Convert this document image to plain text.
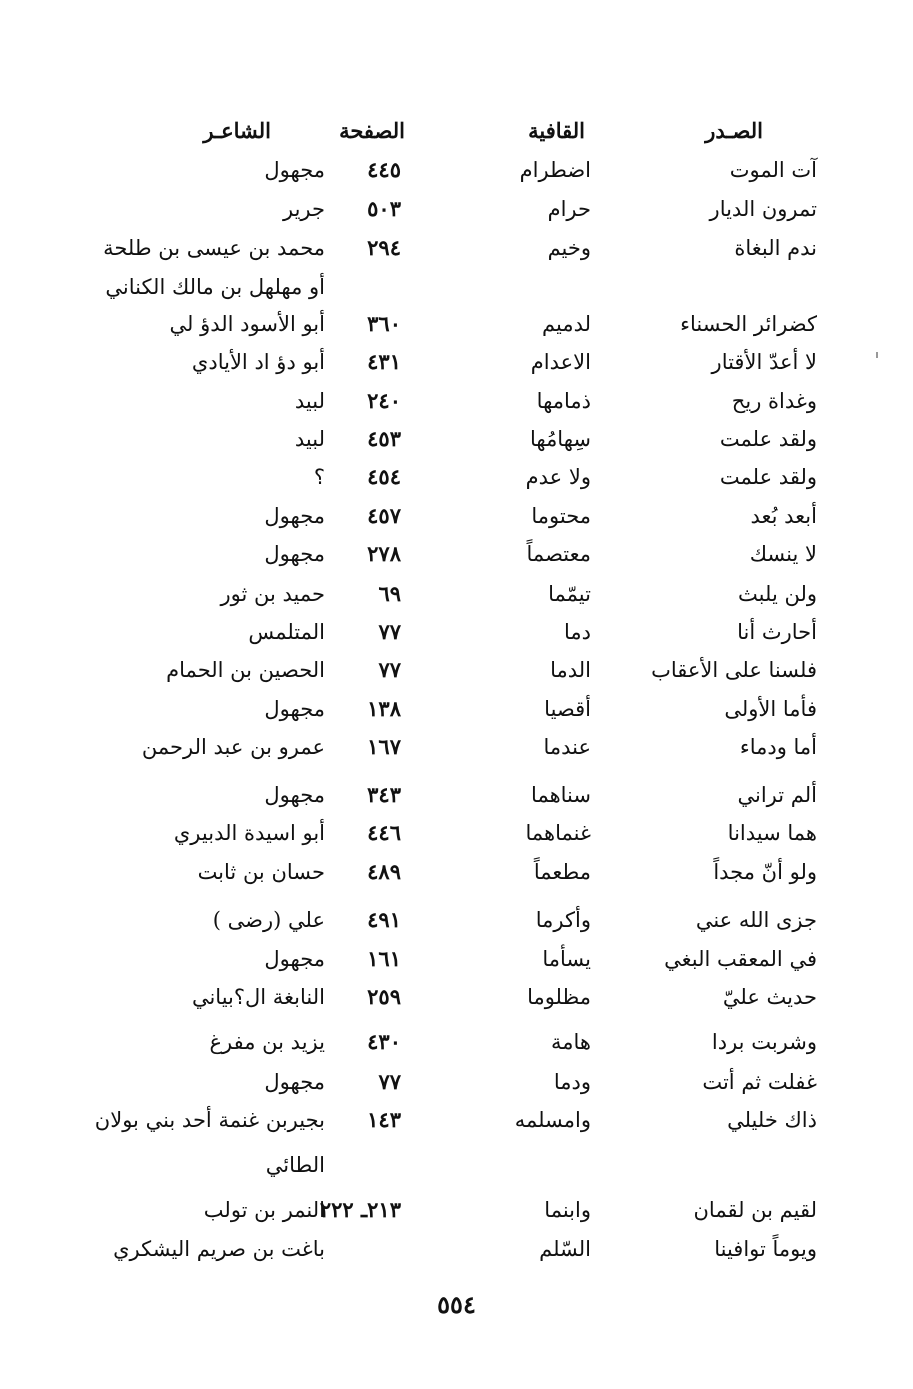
الصـدر
القافية
الصفحة
الشاعـر
آت الموت
اضطرام
٤٤٥
مجهول
تمرون الديار
حرام
٥٠٣
جرير
ندم البغاة
وخيم
٢٩٤
محمد بن عيسى بن طلحة
أو مهلهل بن مالك الكناني
كضرائر الحسناء
لدميم
٣٦٠
أبو الأسود الدؤ لي
لا أعدّ الأقتار
الاعدام
٤٣١
أبو دؤ اد الأيادي
وغداة ريح
ذمامها
٢٤٠
لبيد
ولقد علمت
سِهامُها
٤٥٣
لبيد
ولقد علمت
ولا عدم
٤٥٤
؟
أبعد بُعد
محتوما
٤٥٧
مجهول
لا ينسك
معتصماً
٢٧٨
مجهول
ولن يلبث
تيمّما
٦٩
حميد بن ثور
أحارث أنا
دما
٧٧
المتلمس
فلسنا على الأعقاب
الدما
٧٧
الحصين بن الحمام
فأما الأولى
أقصيا
١٣٨
مجهول
أما ودماء
عندما
١٦٧
عمرو بن عبد الرحمن
ألم تراني
سناهما
٣٤٣
مجهول
هما سيدانا
غنماهما
٤٤٦
أبو اسيدة الدبيري
ولو أنّ مجداً
مطعماً
٤٨٩
حسان بن ثابت
جزى الله عني
وأكرما
٤٩١
علي (رضى )
في المعقب البغي
يسأما
١٦١
مجهول
حديث عليّ
مظلوما
٢٥٩
النابغة ال؟بياني
وشربت بردا
هامة
٤٣٠
يزيد بن مفرغ
غفلت ثم أتت
ودما
٧٧
مجهول
ذاك خليلي
وامسلمه
١٤٣
بجيربن غنمة أحد بني بولان
الطائي
لقيم بن لقمان
وابنما
٢١٣ـ ٢٢٢
النمر بن تولب
ويوماً توافينا
السّلم
باغت بن صريم اليشكري
٥٥٤
